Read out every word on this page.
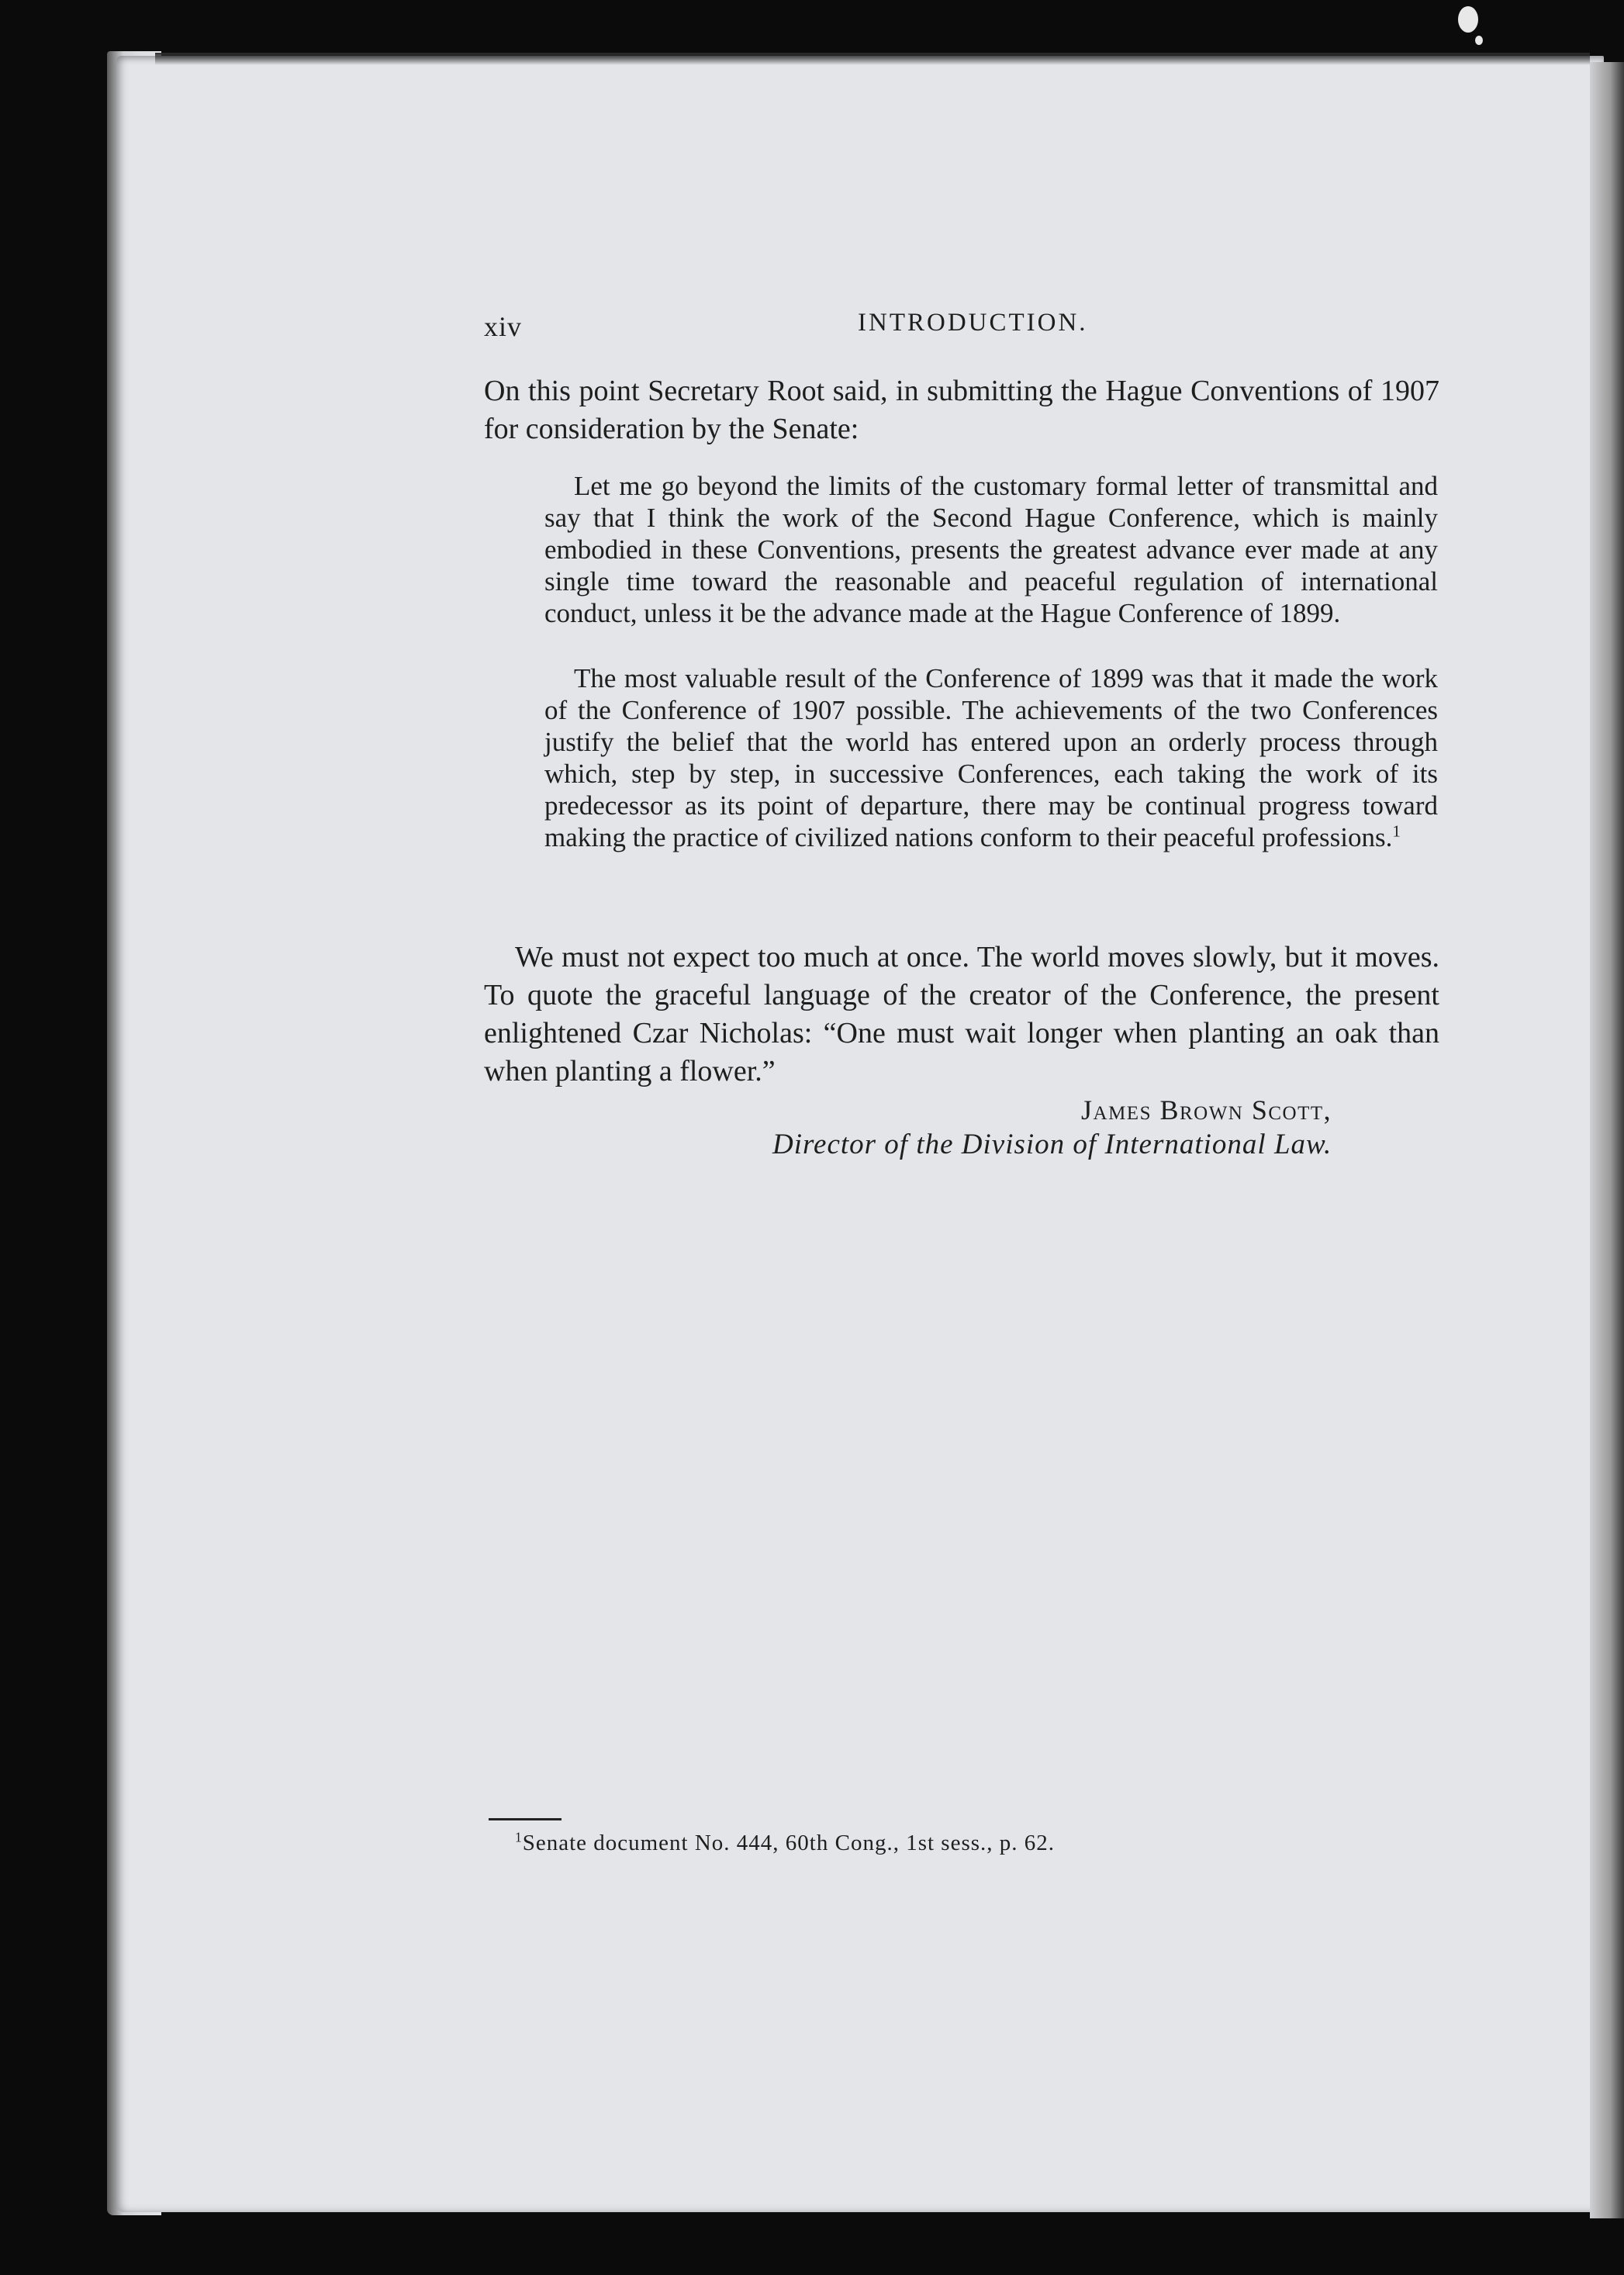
xiv	INTRODUCTION.

On this point Secretary Root said, in submitting the Hague Conventions of 1907 for consideration by the Senate:

Let me go beyond the limits of the customary formal letter of transmittal and say that I think the work of the Second Hague Conference, which is mainly embodied in these Conventions, presents the greatest advance ever made at any single time toward the reasonable and peaceful regulation of international conduct, unless it be the advance made at the Hague Conference of 1899.

The most valuable result of the Conference of 1899 was that it made the work of the Conference of 1907 possible. The achievements of the two Conferences justify the belief that the world has entered upon an orderly process through which, step by step, in successive Conferences, each taking the work of its predecessor as its point of departure, there may be continual progress toward making the practice of civilized nations conform to their peaceful professions.$^1$

We must not expect too much at once. The world moves slowly, but it moves. To quote the graceful language of the creator of the Conference, the present enlightened Czar Nicholas: “One must wait longer when planting an oak than when planting a flower.”

James Brown Scott,
Director of the Division of International Law.
$^1$Senate document No. 444, 60th Cong., 1st sess., p. 62.
